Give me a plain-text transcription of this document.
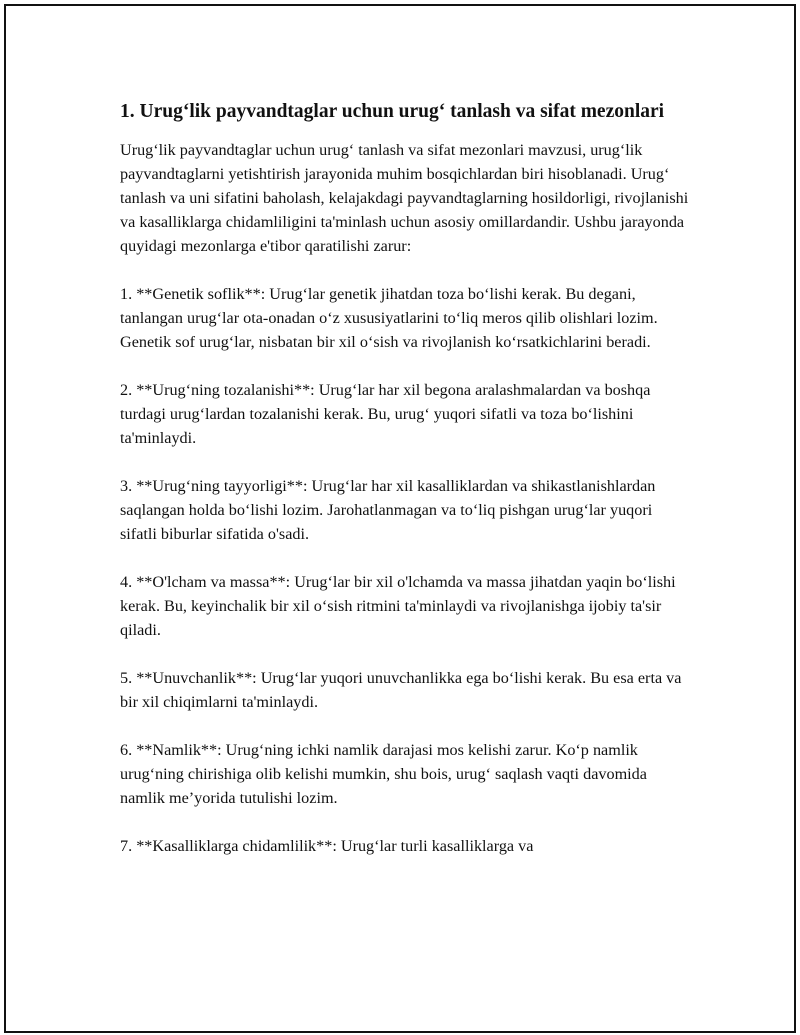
1. Urug‘lik payvandtaglar uchun urug‘ tanlash va sifat mezonlari

Urug‘lik payvandtaglar uchun urug‘ tanlash va sifat mezonlari mavzusi, urug‘lik payvandtaglarni yetishtirish jarayonida muhim bosqichlardan biri hisoblanadi. Urug‘ tanlash va uni sifatini baholash, kelajakdagi payvandtaglarning hosildorligi, rivojlanishi va kasalliklarga chidamliligini ta'minlash uchun asosiy omillardandir. Ushbu jarayonda quyidagi mezonlarga e'tibor qaratilishi zarur:

1. **Genetik soflik**: Urug‘lar genetik jihatdan toza bo‘lishi kerak. Bu degani, tanlangan urug‘lar ota-onadan o‘z xususiyatlarini to‘liq meros qilib olishlari lozim. Genetik sof urug‘lar, nisbatan bir xil o‘sish va rivojlanish ko‘rsatkichlarini beradi.

2. **Urug‘ning tozalanishi**: Urug‘lar har xil begona aralashmalardan va boshqa turdagi urug‘lardan tozalanishi kerak. Bu, urug‘ yuqori sifatli va toza bo‘lishini ta'minlaydi.

3. **Urug‘ning tayyorligi**: Urug‘lar har xil kasalliklardan va shikastlanishlardan saqlangan holda bo‘lishi lozim. Jarohatlanmagan va to‘liq pishgan urug‘lar yuqori sifatli biburlar sifatida o'sadi.

4. **O'lcham va massa**: Urug‘lar bir xil o'lchamda va massa jihatdan yaqin bo‘lishi kerak. Bu, keyinchalik bir xil o‘sish ritmini ta'minlaydi va rivojlanishga ijobiy ta'sir qiladi.

5. **Unuvchanlik**: Urug‘lar yuqori unuvchanlikka ega bo‘lishi kerak. Bu esa erta va bir xil chiqimlarni ta'minlaydi.

6. **Namlik**: Urug‘ning ichki namlik darajasi mos kelishi zarur. Ko‘p namlik urug‘ning chirishiga olib kelishi mumkin, shu bois, urug‘ saqlash vaqti davomida namlik me’yorida tutulishi lozim.

7. **Kasalliklarga chidamlilik**: Urug‘lar turli kasalliklarga va
